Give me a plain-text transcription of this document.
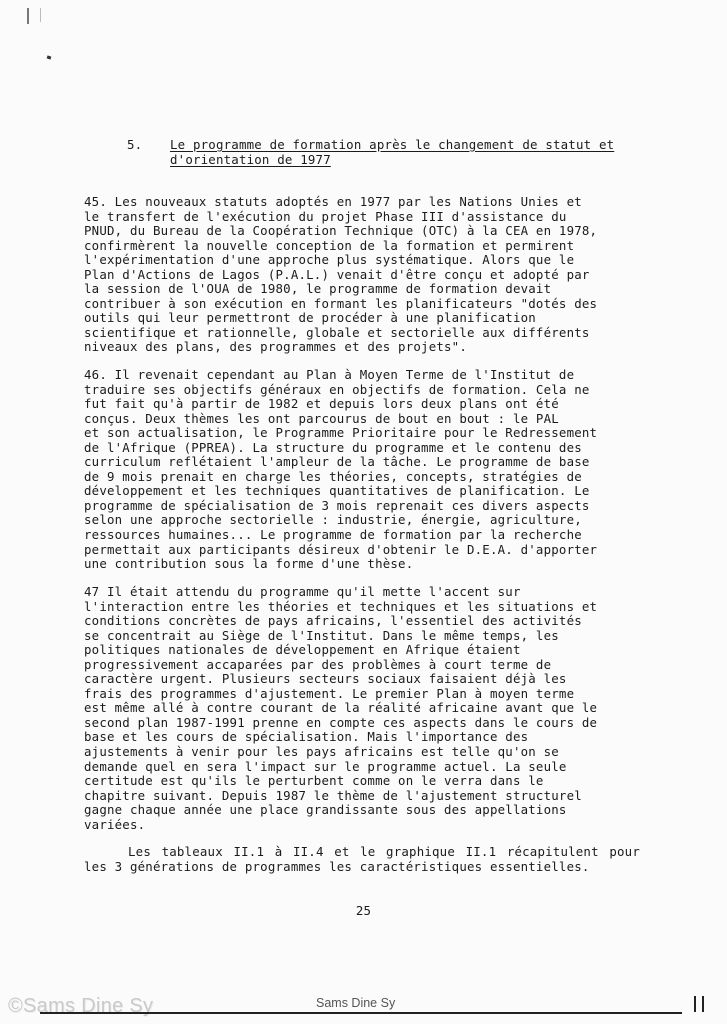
5. Le programme de formation après le changement de statut et d'orientation de 1977
45. Les nouveaux statuts adoptés en 1977 par les Nations Unies et
le transfert de l'exécution du projet Phase III d'assistance du
PNUD, du Bureau de la Coopération Technique (OTC) à la CEA en 1978,
confirmèrent la nouvelle conception de la formation et permirent
l'expérimentation d'une approche plus systématique. Alors que le
Plan d'Actions de Lagos (P.A.L.) venait d'être conçu et adopté par
la session de l'OUA de 1980, le programme de formation devait
contribuer à son exécution en formant les planificateurs "dotés des
outils qui leur permettront de procéder à une planification
scientifique et rationnelle, globale et sectorielle aux différents
niveaux des plans, des programmes et des projets".
46. Il revenait cependant au Plan à Moyen Terme de l'Institut de
traduire ses objectifs généraux en objectifs de formation. Cela ne
fut fait qu'à partir de 1982 et depuis lors deux plans ont été
conçus. Deux thèmes les ont parcourus de bout en bout : le PAL
et son actualisation, le Programme Prioritaire pour le Redressement
de l'Afrique (PPREA). La structure du programme et le contenu des
curriculum reflétaient l'ampleur de la tâche. Le programme de base
de 9 mois prenait en charge les théories, concepts, stratégies de
développement et les techniques quantitatives de planification. Le
programme de spécialisation de 3 mois reprenait ces divers aspects
selon une approche sectorielle : industrie, énergie, agriculture,
ressources humaines... Le programme de formation par la recherche
permettait aux participants désireux d'obtenir le D.E.A. d'apporter
une contribution sous la forme d'une thèse.
47 Il était attendu du programme qu'il mette l'accent sur
l'interaction entre les théories et techniques et les situations et
conditions concrètes de pays africains, l'essentiel des activités
se concentrait au Siège de l'Institut. Dans le même temps, les
politiques nationales de développement en Afrique étaient
progressivement accaparées par des problèmes à court terme de
caractère urgent. Plusieurs secteurs sociaux faisaient déjà les
frais des programmes d'ajustement. Le premier Plan à moyen terme
est même allé à contre courant de la réalité africaine avant que le
second plan 1987-1991 prenne en compte ces aspects dans le cours de
base et les cours de spécialisation. Mais l'importance des
ajustements à venir pour les pays africains est telle qu'on se
demande quel en sera l'impact sur le programme actuel. La seule
certitude est qu'ils le perturbent comme on le verra dans le
chapitre suivant. Depuis 1987 le thème de l'ajustement structurel
gagne chaque année une place grandissante sous des appellations
variées.
Les tableaux II.1 à II.4 et le graphique II.1 récapitulent pour les 3 générations de programmes les caractéristiques essentielles.
25
©Sams Dine Sy	Sams Dine Sy
